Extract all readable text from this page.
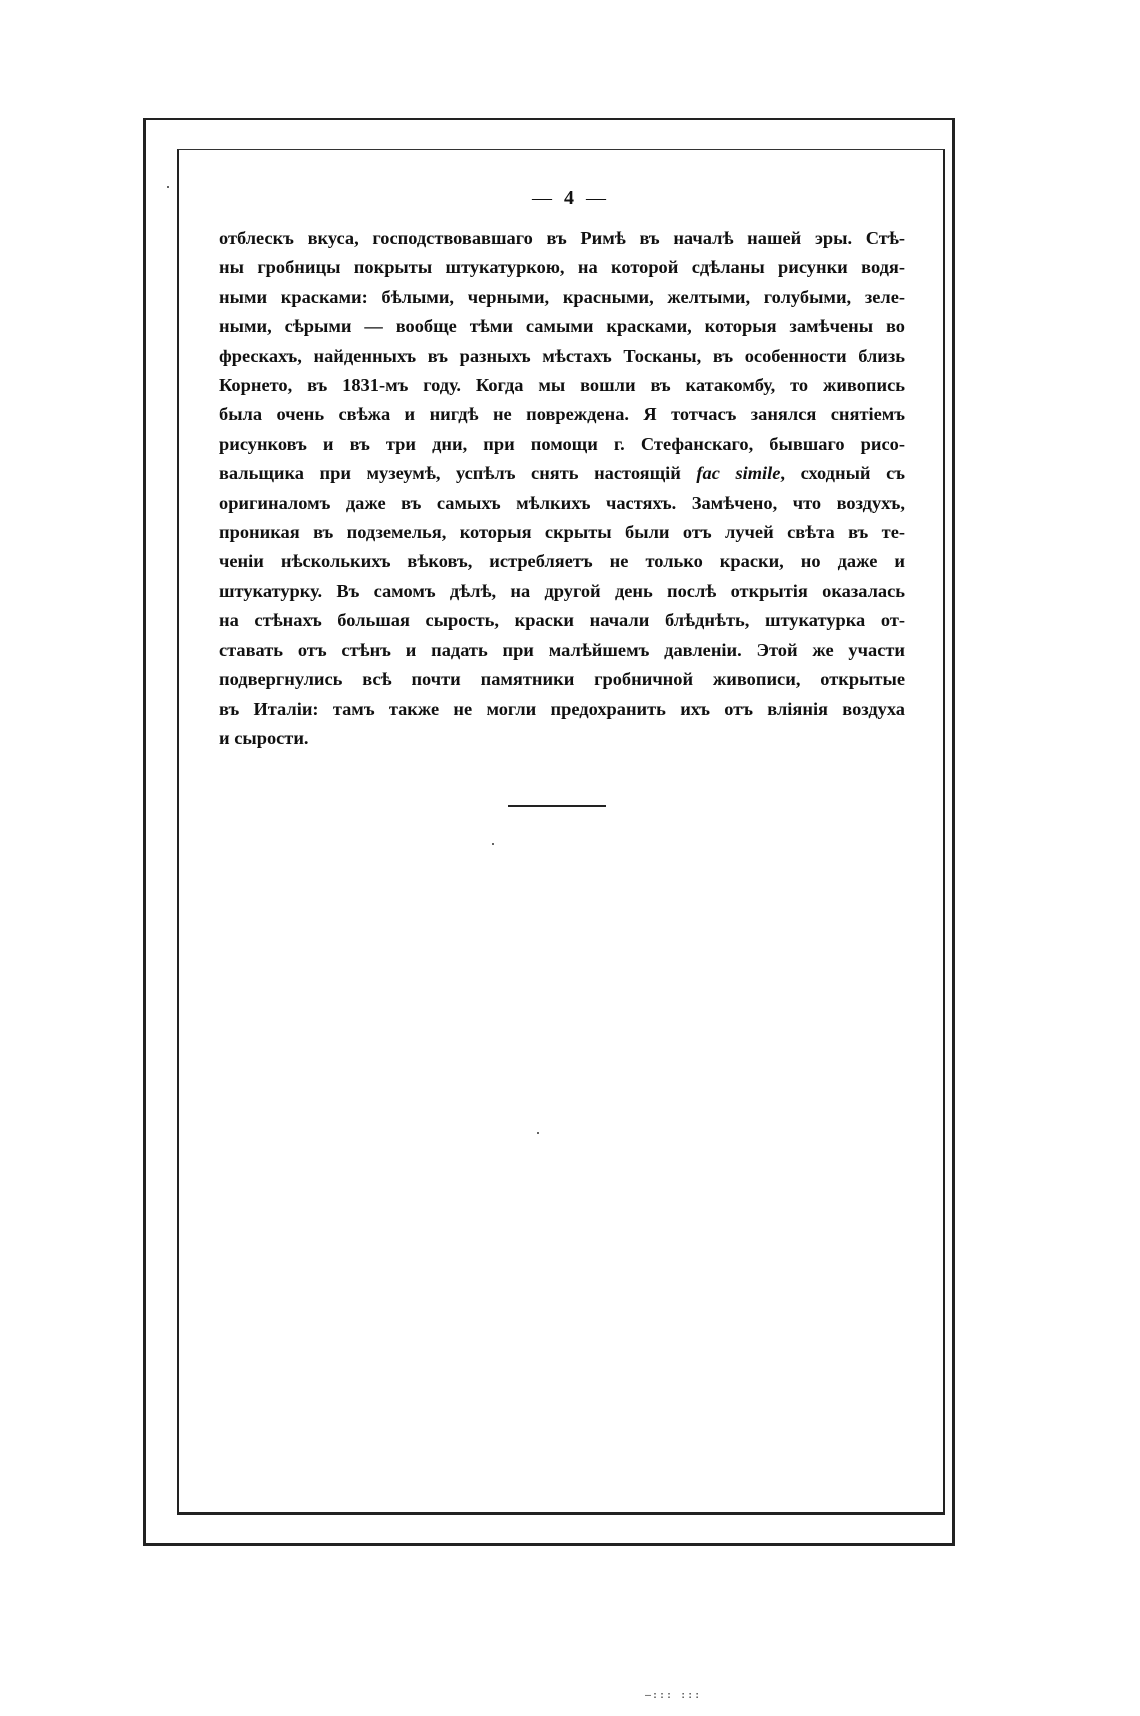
— 4 —
отблескъ вкуса, господствовавшаго въ Римѣ въ началѣ нашей эры. Стѣ-
ны гробницы покрыты штукатуркою, на которой сдѣланы рисунки водя-
ными красками: бѣлыми, черными, красными, желтыми, голубыми, зеле-
ными, сѣрыми — вообще тѣми самыми красками, которыя замѣчены во
фрескахъ, найденныхъ въ разныхъ мѣстахъ Тосканы, въ особенности близь
Корнето, въ 1831-мъ году. Когда мы вошли въ катакомбу, то живопись
была очень свѣжа и нигдѣ не повреждена. Я тотчасъ занялся снятіемъ
рисунковъ и въ три дни, при помощи г. Стефанскаго, бывшаго рисо-
вальщика при музеумѣ, успѣлъ снять настоящій fac simile, сходный съ
оригиналомъ даже въ самыхъ мѣлкихъ частяхъ. Замѣчено, что воздухъ,
проникая въ подземелья, которыя скрыты были отъ лучей свѣта въ те-
ченіи нѣсколькихъ вѣковъ, истребляетъ не только краски, но даже и
штукатурку. Въ самомъ дѣлѣ, на другой день послѣ открытія оказалась
на стѣнахъ большая сырость, краски начали блѣднѣть, штукатурка от-
ставать отъ стѣнъ и падать при малѣйшемъ давленіи. Этой же участи
подвергнулись всѣ почти памятники гробничной живописи, открытые
въ Италіи: тамъ также не могли предохранить ихъ отъ вліянія воздуха
и сырости.
—::: :::
